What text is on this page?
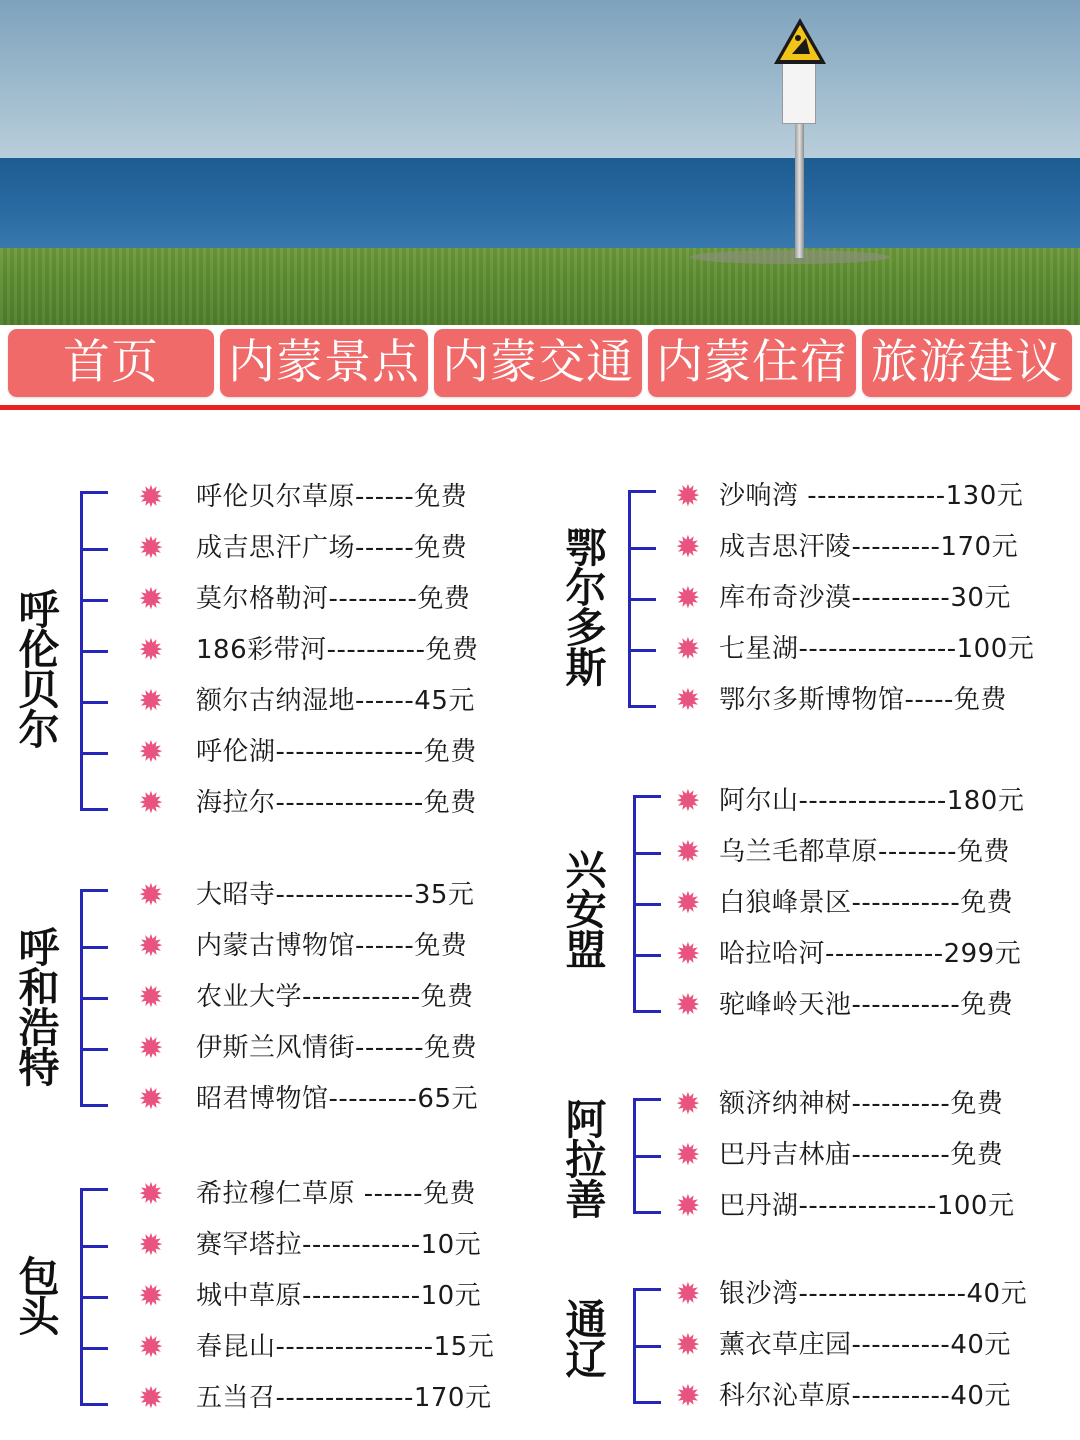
首页	内蒙景点 内蒙交通 内蒙住宿 旅游建议
呼
伦
贝
尔
✹ 呼伦贝尔草原------免费
✹ 成吉思汗广场------免费
✹ 莫尔格勒河---------免费
✹ 186彩带河----------免费
✹ 额尔古纳湿地------45元
✹ 呼伦湖---------------免费
✹ 海拉尔---------------免费
呼
和
浩
特
✹ 大昭寺--------------35元
✹ 内蒙古博物馆------免费
✹ 农业大学------------免费
✹ 伊斯兰风情街-------免费
✹ 昭君博物馆---------65元
包
头
✹ 希拉穆仁草原 ------免费
✹ 赛罕塔拉------------10元
✹ 城中草原------------10元
✹ 春昆山----------------15元
✹ 五当召--------------170元
鄂
尔
多
斯
✹ 沙响湾 --------------130元
✹ 成吉思汗陵---------170元
✹ 库布奇沙漠----------30元
✹ 七星湖----------------100元
✹ 鄂尔多斯博物馆-----免费
兴
安
盟
✹ 阿尔山---------------180元
✹ 乌兰毛都草原--------免费
✹ 白狼峰景区-----------免费
✹ 哈拉哈河------------299元
✹ 驼峰岭天池-----------免费
阿
拉
善
✹ 额济纳神树----------免费
✹ 巴丹吉林庙----------免费
✹ 巴丹湖--------------100元
通
辽
✹ 银沙湾-----------------40元
✹ 薰衣草庄园----------40元
✹ 科尔沁草原----------40元
